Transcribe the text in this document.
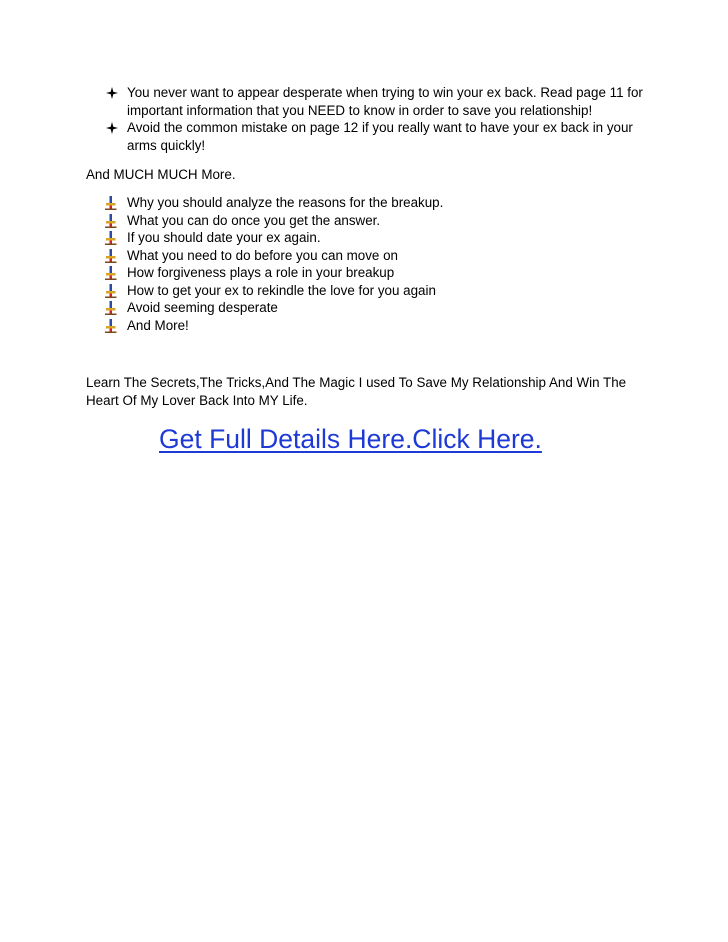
You never want to appear desperate when trying to win your ex back. Read page 11 for important information that you NEED to know in order to save you relationship!
Avoid the common mistake on page 12 if you really want to have your ex back in your arms quickly!
And MUCH MUCH More.
Why you should analyze the reasons for the breakup.
What you can do once you get the answer.
If you should date your ex again.
What you need to do before you can move on
How forgiveness plays a role in your breakup
How to get your ex to rekindle the love for you again
Avoid seeming desperate
And More!

Learn The Secrets,The Tricks,And The Magic I used To Save My Relationship And Win The Heart Of My Lover Back Into MY Life.

Get Full Details Here.Click Here.
